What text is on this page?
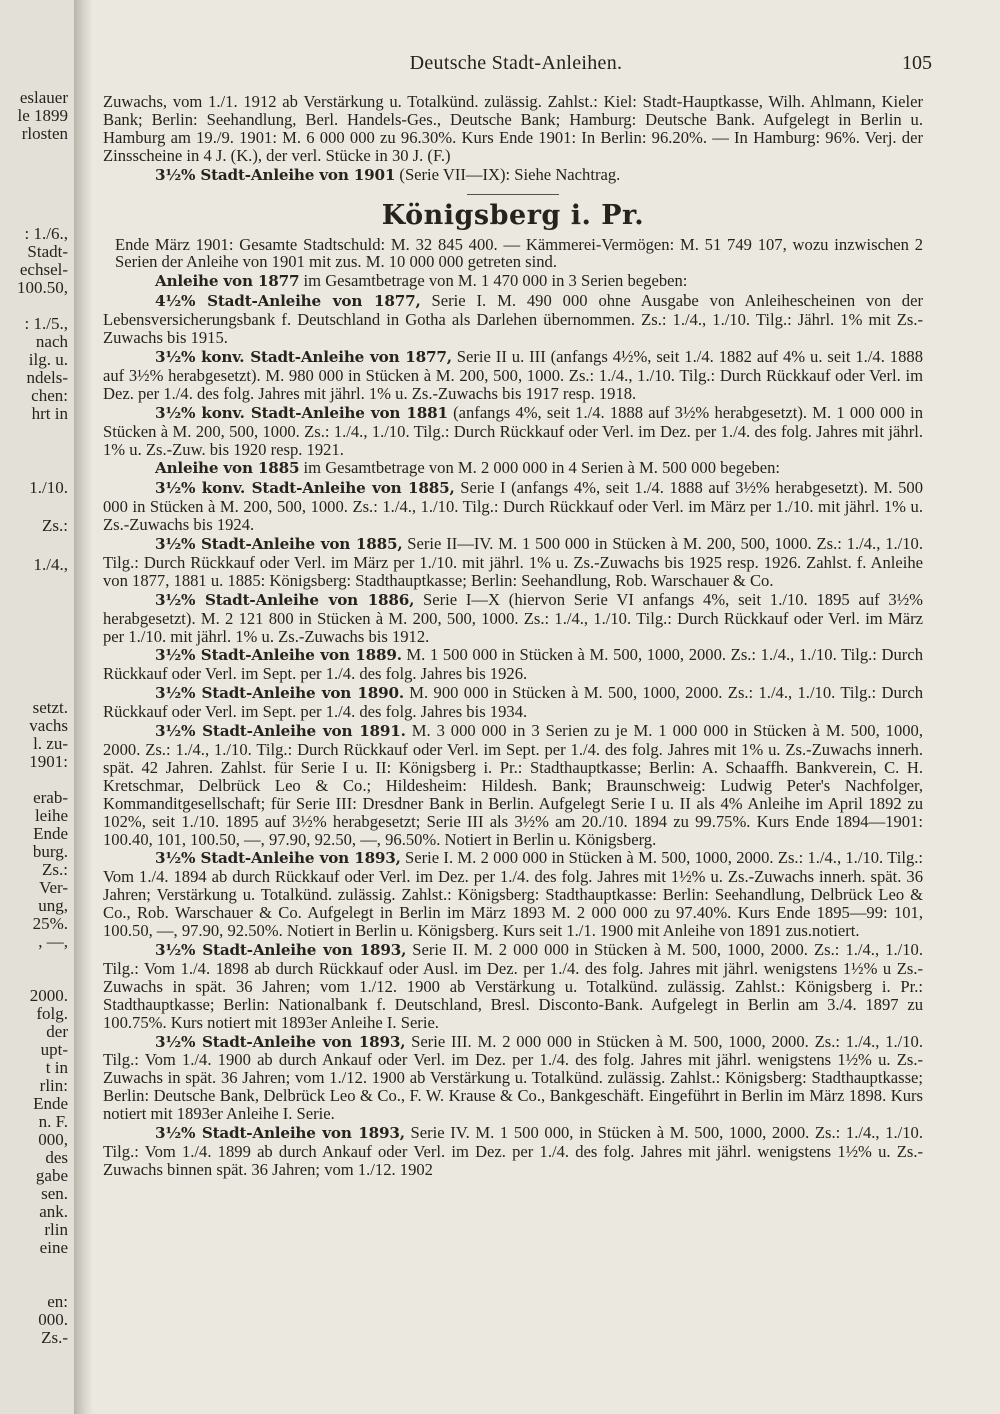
eslauer
le 1899
rlosten
: 1./6.,
Stadt-
echsel-
100.50,
: 1./5.,
nach
ilg. u.
ndels-
chen:
hrt in
1./10.
Zs.:
1./4.,
setzt.
vachs
l. zu-
1901:
erab-
leihe
Ende
burg.
Zs.:
Ver-
ung,
25%.
, —,
2000.
folg.
der
upt-
t in
rlin:
Ende
n. F.
000,
des
gabe
sen.
ank.
rlin
eine
en:
000.
Zs.-
Deutsche Stadt-Anleihen.	105

Zuwachs, vom 1./1. 1912 ab Verstärkung u. Totalkünd. zulässig. Zahlst.: Kiel: Stadt-Hauptkasse, Wilh. Ahlmann, Kieler Bank; Berlin: Seehandlung, Berl. Handels-Ges., Deutsche Bank; Hamburg: Deutsche Bank. Aufgelegt in Berlin u. Hamburg am 19./9. 1901: M. 6 000 000 zu 96.30%. Kurs Ende 1901: In Berlin: 96.20%. — In Hamburg: 96%. Verj. der Zinsscheine in 4 J. (K.), der verl. Stücke in 30 J. (F.)

3½% Stadt-Anleihe von 1901 (Serie VII—IX): Siehe Nachtrag.

Königsberg i. Pr.

Ende März 1901: Gesamte Stadtschuld: M. 32 845 400. — Kämmerei-Vermögen: M. 51 749 107, wozu inzwischen 2 Serien der Anleihe von 1901 mit zus. M. 10 000 000 getreten sind.

Anleihe von 1877 im Gesamtbetrage von M. 1 470 000 in 3 Serien begeben:

4½% Stadt-Anleihe von 1877, Serie I. M. 490 000 ohne Ausgabe von Anleihescheinen von der Lebensversicherungsbank f. Deutschland in Gotha als Darlehen übernommen. Zs.: 1./4., 1./10. Tilg.: Jährl. 1% mit Zs.-Zuwachs bis 1915.

3½% konv. Stadt-Anleihe von 1877, Serie II u. III (anfangs 4½%, seit 1./4. 1882 auf 4% u. seit 1./4. 1888 auf 3½% herabgesetzt). M. 980 000 in Stücken à M. 200, 500, 1000. Zs.: 1./4., 1./10. Tilg.: Durch Rückkauf oder Verl. im Dez. per 1./4. des folg. Jahres mit jährl. 1% u. Zs.-Zuwachs bis 1917 resp. 1918.

3½% konv. Stadt-Anleihe von 1881 (anfangs 4%, seit 1./4. 1888 auf 3½% herabgesetzt). M. 1 000 000 in Stücken à M. 200, 500, 1000. Zs.: 1./4., 1./10. Tilg.: Durch Rückkauf oder Verl. im Dez. per 1./4. des folg. Jahres mit jährl. 1% u. Zs.-Zuw. bis 1920 resp. 1921.

Anleihe von 1885 im Gesamtbetrage von M. 2 000 000 in 4 Serien à M. 500 000 begeben:

3½% konv. Stadt-Anleihe von 1885, Serie I (anfangs 4%, seit 1./4. 1888 auf 3½% herabgesetzt). M. 500 000 in Stücken à M. 200, 500, 1000. Zs.: 1./4., 1./10. Tilg.: Durch Rückkauf oder Verl. im März per 1./10. mit jährl. 1% u. Zs.-Zuwachs bis 1924.

3½% Stadt-Anleihe von 1885, Serie II—IV. M. 1 500 000 in Stücken à M. 200, 500, 1000. Zs.: 1./4., 1./10. Tilg.: Durch Rückkauf oder Verl. im März per 1./10. mit jährl. 1% u. Zs.-Zuwachs bis 1925 resp. 1926. Zahlst. f. Anleihe von 1877, 1881 u. 1885: Königsberg: Stadthauptkasse; Berlin: Seehandlung, Rob. Warschauer & Co.

3½% Stadt-Anleihe von 1886, Serie I—X (hiervon Serie VI anfangs 4%, seit 1./10. 1895 auf 3½% herabgesetzt). M. 2 121 800 in Stücken à M. 200, 500, 1000. Zs.: 1./4., 1./10. Tilg.: Durch Rückkauf oder Verl. im März per 1./10. mit jährl. 1% u. Zs.-Zuwachs bis 1912.

3½% Stadt-Anleihe von 1889. M. 1 500 000 in Stücken à M. 500, 1000, 2000. Zs.: 1./4., 1./10. Tilg.: Durch Rückkauf oder Verl. im Sept. per 1./4. des folg. Jahres bis 1926.

3½% Stadt-Anleihe von 1890. M. 900 000 in Stücken à M. 500, 1000, 2000. Zs.: 1./4., 1./10. Tilg.: Durch Rückkauf oder Verl. im Sept. per 1./4. des folg. Jahres bis 1934.

3½% Stadt-Anleihe von 1891. M. 3 000 000 in 3 Serien zu je M. 1 000 000 in Stücken à M. 500, 1000, 2000. Zs.: 1./4., 1./10. Tilg.: Durch Rückkauf oder Verl. im Sept. per 1./4. des folg. Jahres mit 1% u. Zs.-Zuwachs innerh. spät. 42 Jahren. Zahlst. für Serie I u. II: Königsberg i. Pr.: Stadthauptkasse; Berlin: A. Schaaffh. Bankverein, C. H. Kretschmar, Delbrück Leo & Co.; Hildesheim: Hildesh. Bank; Braunschweig: Ludwig Peter's Nachfolger, Kommanditgesellschaft; für Serie III: Dresdner Bank in Berlin. Aufgelegt Serie I u. II als 4% Anleihe im April 1892 zu 102%, seit 1./10. 1895 auf 3½% herabgesetzt; Serie III als 3½% am 20./10. 1894 zu 99.75%. Kurs Ende 1894—1901: 100.40, 101, 100.50, —, 97.90, 92.50, —, 96.50%. Notiert in Berlin u. Königsberg.

3½% Stadt-Anleihe von 1893, Serie I. M. 2 000 000 in Stücken à M. 500, 1000, 2000. Zs.: 1./4., 1./10. Tilg.: Vom 1./4. 1894 ab durch Rückkauf oder Verl. im Dez. per 1./4. des folg. Jahres mit 1½% u. Zs.-Zuwachs innerh. spät. 36 Jahren; Verstärkung u. Totalkünd. zulässig. Zahlst.: Königsberg: Stadthauptkasse: Berlin: Seehandlung, Delbrück Leo & Co., Rob. Warschauer & Co. Aufgelegt in Berlin im März 1893 M. 2 000 000 zu 97.40%. Kurs Ende 1895—99: 101, 100.50, —, 97.90, 92.50%. Notiert in Berlin u. Königsberg. Kurs seit 1./1. 1900 mit Anleihe von 1891 zus.notiert.

3½% Stadt-Anleihe von 1893, Serie II. M. 2 000 000 in Stücken à M. 500, 1000, 2000. Zs.: 1./4., 1./10. Tilg.: Vom 1./4. 1898 ab durch Rückkauf oder Ausl. im Dez. per 1./4. des folg. Jahres mit jährl. wenigstens 1½% u Zs.-Zuwachs in spät. 36 Jahren; vom 1./12. 1900 ab Verstärkung u. Totalkünd. zulässig. Zahlst.: Königsberg i. Pr.: Stadthauptkasse; Berlin: Nationalbank f. Deutschland, Bresl. Disconto-Bank. Aufgelegt in Berlin am 3./4. 1897 zu 100.75%. Kurs notiert mit 1893er Anleihe I. Serie.

3½% Stadt-Anleihe von 1893, Serie III. M. 2 000 000 in Stücken à M. 500, 1000, 2000. Zs.: 1./4., 1./10. Tilg.: Vom 1./4. 1900 ab durch Ankauf oder Verl. im Dez. per 1./4. des folg. Jahres mit jährl. wenigstens 1½% u. Zs.-Zuwachs in spät. 36 Jahren; vom 1./12. 1900 ab Verstärkung u. Totalkünd. zulässig. Zahlst.: Königsberg: Stadthauptkasse; Berlin: Deutsche Bank, Delbrück Leo & Co., F. W. Krause & Co., Bankgeschäft. Eingeführt in Berlin im März 1898. Kurs notiert mit 1893er Anleihe I. Serie.

3½% Stadt-Anleihe von 1893, Serie IV. M. 1 500 000, in Stücken à M. 500, 1000, 2000. Zs.: 1./4., 1./10. Tilg.: Vom 1./4. 1899 ab durch Ankauf oder Verl. im Dez. per 1./4. des folg. Jahres mit jährl. wenigstens 1½% u. Zs.-Zuwachs binnen spät. 36 Jahren; vom 1./12. 1902
